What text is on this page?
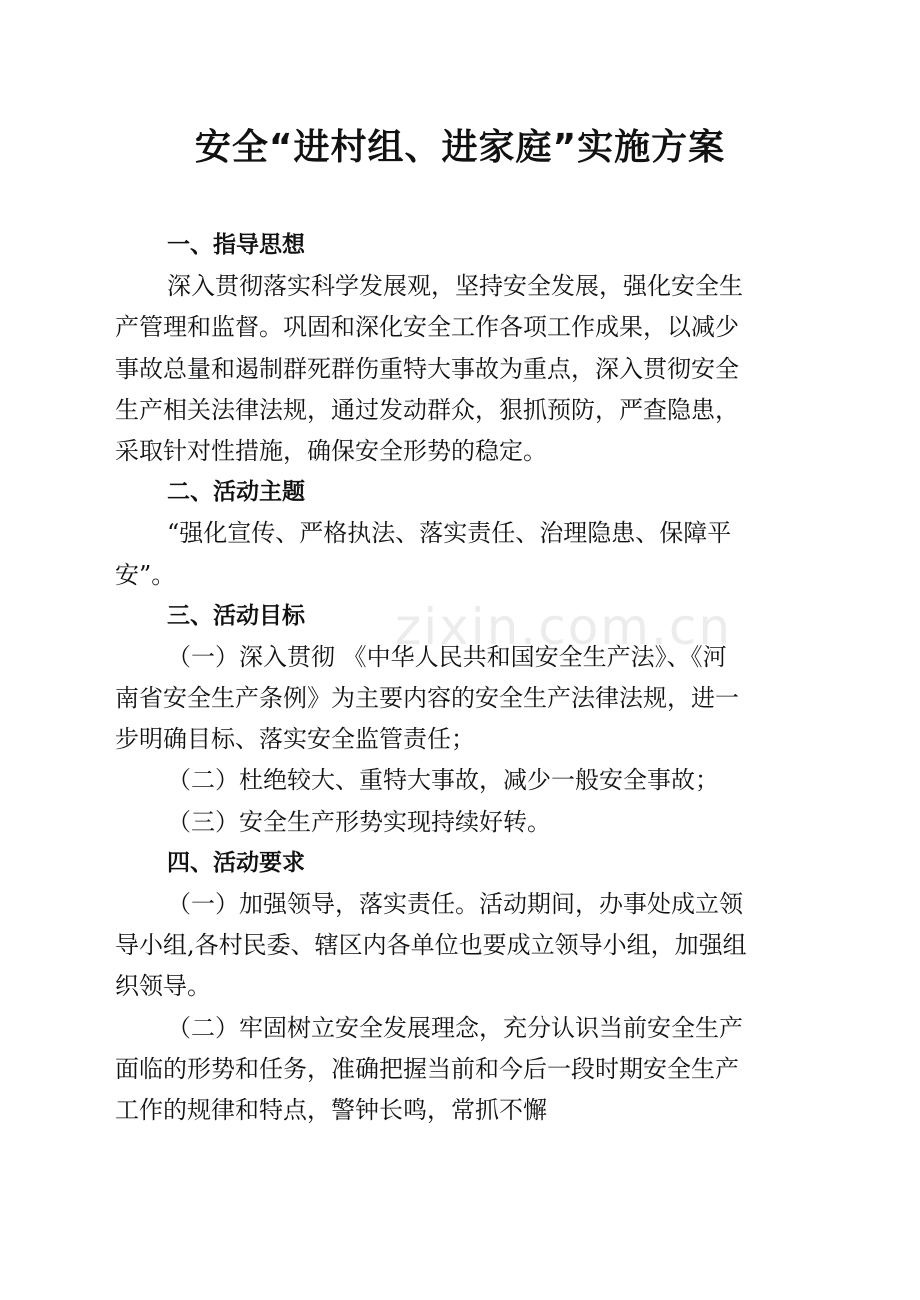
安全“进村组、进家庭”实施方案
zixin.com.cn
一、指导思想
深入贯彻落实科学发展观，坚持安全发展，强化安全生
产管理和监督。巩固和深化安全工作各项工作成果，以减少
事故总量和遏制群死群伤重特大事故为重点，深入贯彻安全
生产相关法律法规，通过发动群众，狠抓预防，严查隐患，
采取针对性措施，确保安全形势的稳定。
二、活动主题
“强化宣传、严格执法、落实责任、治理隐患、保障平
安”。
三、活动目标
（一）深入贯彻 《中华人民共和国安全生产法》、《河
南省安全生产条例》为主要内容的安全生产法律法规，进一
步明确目标、落实安全监管责任；
（二）杜绝较大、重特大事故，减少一般安全事故；
（三）安全生产形势实现持续好转。
四、活动要求
（一）加强领导，落实责任。活动期间，办事处成立领
导小组,各村民委、辖区内各单位也要成立领导小组，加强组
织领导。
（二）牢固树立安全发展理念，充分认识当前安全生产
面临的形势和任务，准确把握当前和今后一段时期安全生产
工作的规律和特点，警钟长鸣，常抓不懈
